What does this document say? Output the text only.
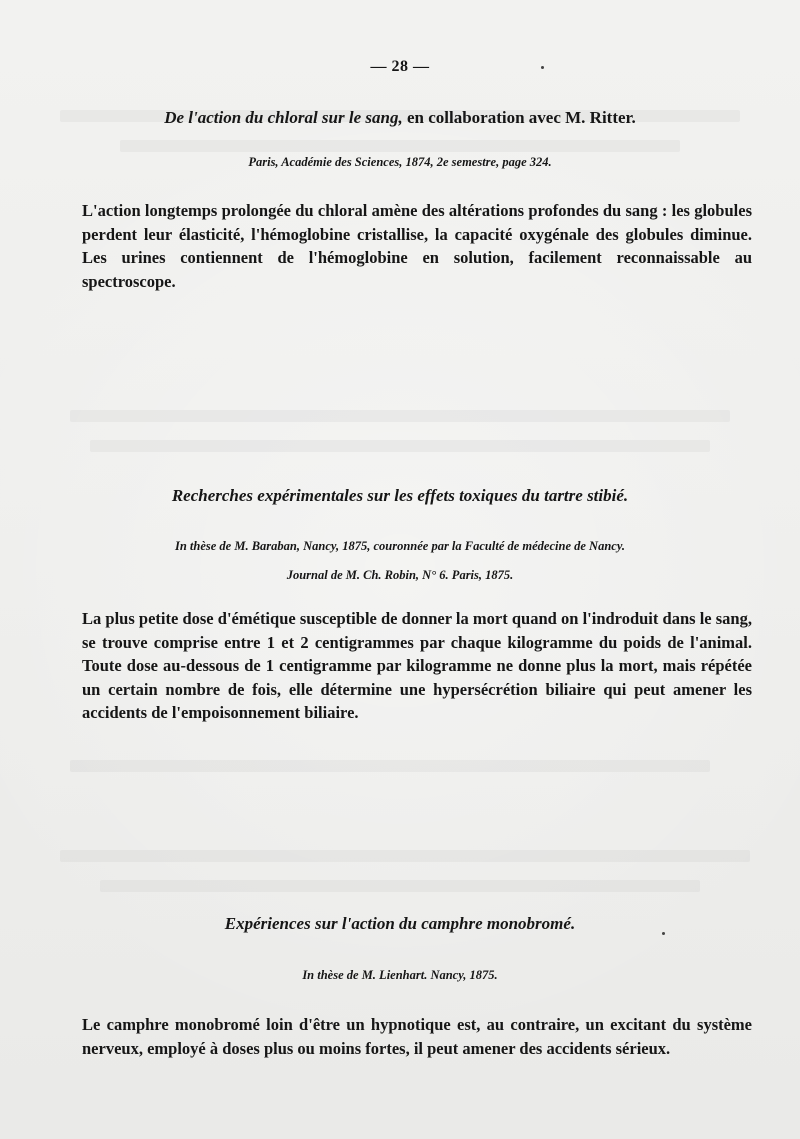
— 28 —
De l'action du chloral sur le sang, en collaboration avec M. Ritter.
Paris, Académie des Sciences, 1874, 2e semestre, page 324.

L'action longtemps prolongée du chloral amène des altérations profondes du sang : les globules perdent leur élasticité, l'hémoglobine cristallise, la capacité oxygénale des globules diminue. Les urines contiennent de l'hémoglobine en solution, facilement reconnaissable au spectroscope.

Recherches expérimentales sur les effets toxiques du tartre stibié.
In thèse de M. Baraban, Nancy, 1875, couronnée par la Faculté de médecine de Nancy.
Journal de M. Ch. Robin, N° 6. Paris, 1875.

La plus petite dose d'émétique susceptible de donner la mort quand on l'indroduit dans le sang, se trouve comprise entre 1 et 2 centigrammes par chaque kilogramme du poids de l'animal. Toute dose au-dessous de 1 centigramme par kilogramme ne donne plus la mort, mais répétée un certain nombre de fois, elle détermine une hypersécrétion biliaire qui peut amener les accidents de l'empoisonnement biliaire.

Expériences sur l'action du camphre monobromé.
In thèse de M. Lienhart. Nancy, 1875.

Le camphre monobromé loin d'être un hypnotique est, au contraire, un excitant du système nerveux, employé à doses plus ou moins fortes, il peut amener des accidents sérieux.
